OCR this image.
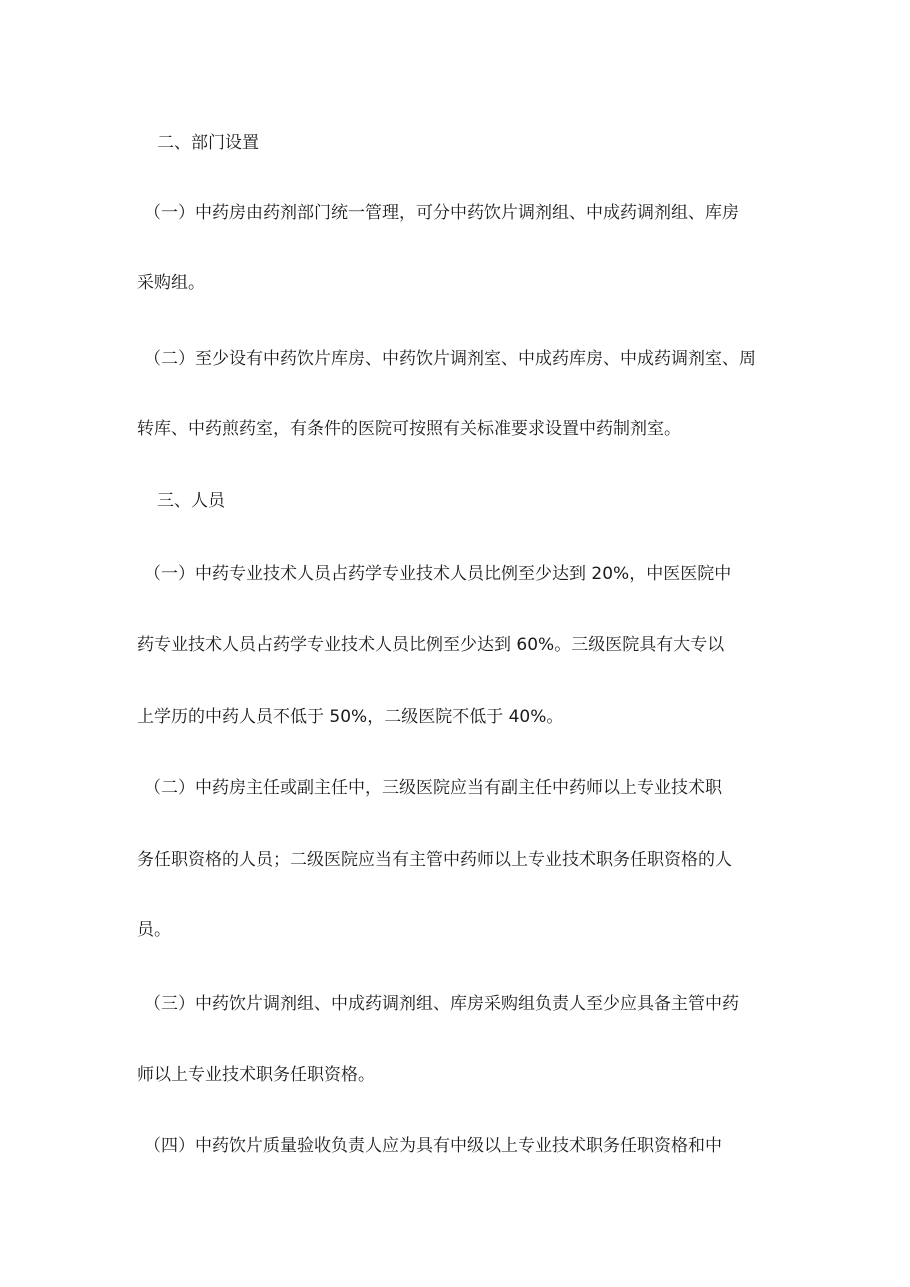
二、部门设置

（一）中药房由药剂部门统一管理，可分中药饮片调剂组、中成药调剂组、库房

采购组。

（二）至少设有中药饮片库房、中药饮片调剂室、中成药库房、中成药调剂室、周

转库、中药煎药室，有条件的医院可按照有关标准要求设置中药制剂室。

三、人员

（一）中药专业技术人员占药学专业技术人员比例至少达到 20%，中医医院中

药专业技术人员占药学专业技术人员比例至少达到 60%。三级医院具有大专以

上学历的中药人员不低于 50%，二级医院不低于 40%。

（二）中药房主任或副主任中，三级医院应当有副主任中药师以上专业技术职

务任职资格的人员；二级医院应当有主管中药师以上专业技术职务任职资格的人

员。

（三）中药饮片调剂组、中成药调剂组、库房采购组负责人至少应具备主管中药

师以上专业技术职务任职资格。

（四）中药饮片质量验收负责人应为具有中级以上专业技术职务任职资格和中
